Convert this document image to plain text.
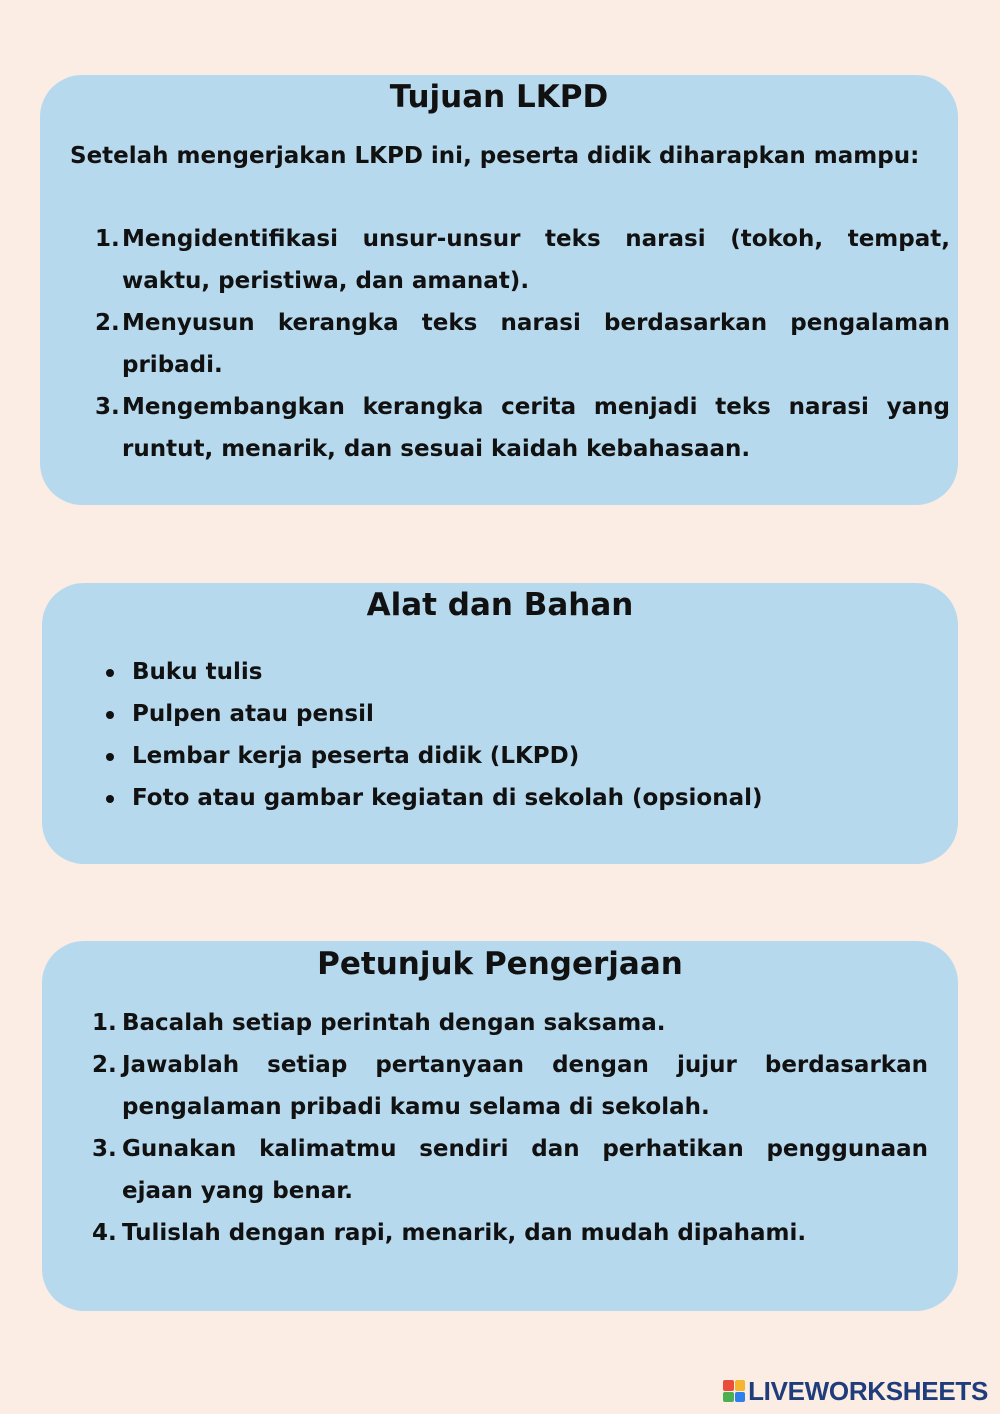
Tujuan LKPD

Setelah mengerjakan LKPD ini, peserta didik diharapkan mampu:

1. Mengidentifikasi unsur-unsur teks narasi (tokoh, tempat, waktu, peristiwa, dan amanat).
2. Menyusun kerangka teks narasi berdasarkan pengalaman pribadi.
3. Mengembangkan kerangka cerita menjadi teks narasi yang runtut, menarik, dan sesuai kaidah kebahasaan.
Alat dan Bahan
Buku tulis
Pulpen atau pensil
Lembar kerja peserta didik (LKPD)
Foto atau gambar kegiatan di sekolah (opsional)
Petunjuk Pengerjaan
1. Bacalah setiap perintah dengan saksama.
2. Jawablah setiap pertanyaan dengan jujur berdasarkan pengalaman pribadi kamu selama di sekolah.
3. Gunakan kalimatmu sendiri dan perhatikan penggunaan ejaan yang benar.
4. Tulislah dengan rapi, menarik, dan mudah dipahami.
LIVEWORKSHEETS
